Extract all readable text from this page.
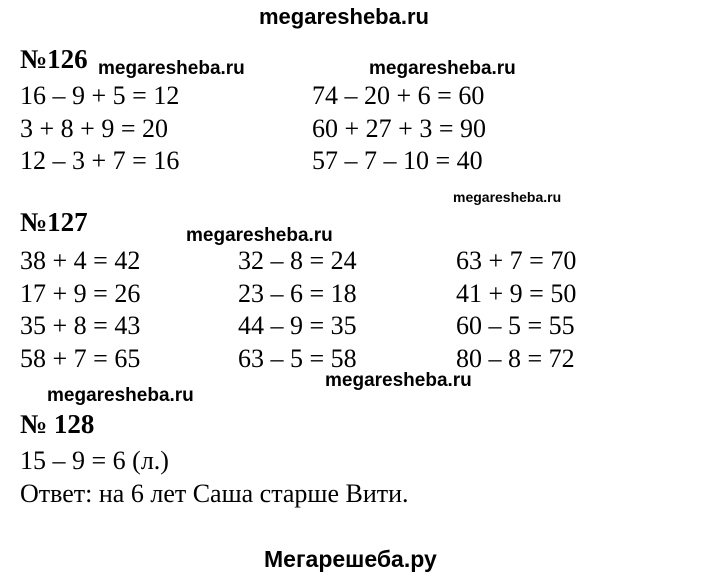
megaresheba.ru
megaresheba.ru	megaresheba.ru
megaresheba.ru
megaresheba.ru
megaresheba.ru
megaresheba.ru
Мегарешеба.ру
№126
16 – 9 + 5 = 12
3 + 8 + 9 = 20
12 – 3 + 7 = 16
74 – 20 + 6 = 60
60 + 27 + 3 = 90
57 – 7 – 10 = 40
№127
38 + 4 = 42
17 + 9 = 26
35 + 8 = 43
58 + 7 = 65
32 – 8 = 24
23 – 6 = 18
44 – 9 = 35
63 – 5 = 58
63 + 7 = 70
41 + 9 = 50
60 – 5 = 55
80 – 8 = 72
№ 128
15 – 9 = 6 (л.)
Ответ: на 6 лет Саша старше Вити.
